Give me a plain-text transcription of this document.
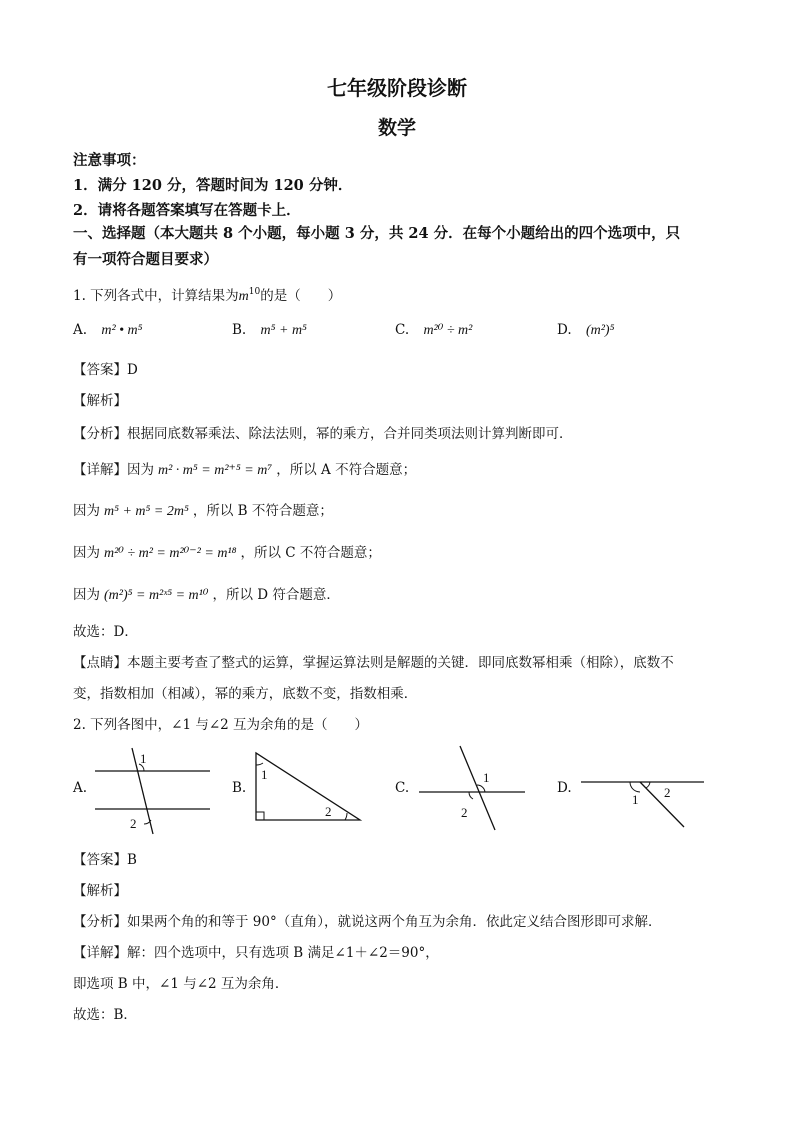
七年级阶段诊断
数学
注意事项：
1．满分 120 分，答题时间为 120 分钟．
2．请将各题答案填写在答题卡上．
一、选择题（本大题共 8 个小题，每小题 3 分，共 24 分．在每个小题给出的四个选项中，只
有一项符合题目要求）
1. 下列各式中，计算结果为$m^{10}$的是（　　）
A. m² • m⁵	B. m⁵ + m⁵	C. m²⁰ ÷ m²	D. (m²)⁵
【答案】D
【解析】
【分析】根据同底数幂乘法、除法法则，幂的乘方，合并同类项法则计算判断即可．
【详解】因为 m² · m⁵ = m²⁺⁵ = m⁷ ，所以 A 不符合题意；
因为 m⁵ + m⁵ = 2m⁵ ，所以 B 不符合题意；
因为 m²⁰ ÷ m² = m²⁰⁻² = m¹⁸ ，所以 C 不符合题意；
因为 (m²)⁵ = m²ˣ⁵ = m¹⁰ ，所以 D 符合题意．
故选：D．
【点睛】本题主要考查了整式的运算，掌握运算法则是解题的关键．即同底数幂相乘（相除），底数不
变，指数相加（相减），幂的乘方，底数不变，指数相乘．
2. 下列各图中，∠1 与∠2 互为余角的是（　　）
A.
1
2
B.
1
2
C.
1
2
D.
1 2
【答案】B
【解析】
【分析】如果两个角的和等于 90°（直角），就说这两个角互为余角．依此定义结合图形即可求解．
【详解】解：四个选项中，只有选项 B 满足∠1＋∠2＝90°，
即选项 B 中，∠1 与∠2 互为余角．
故选：B．
